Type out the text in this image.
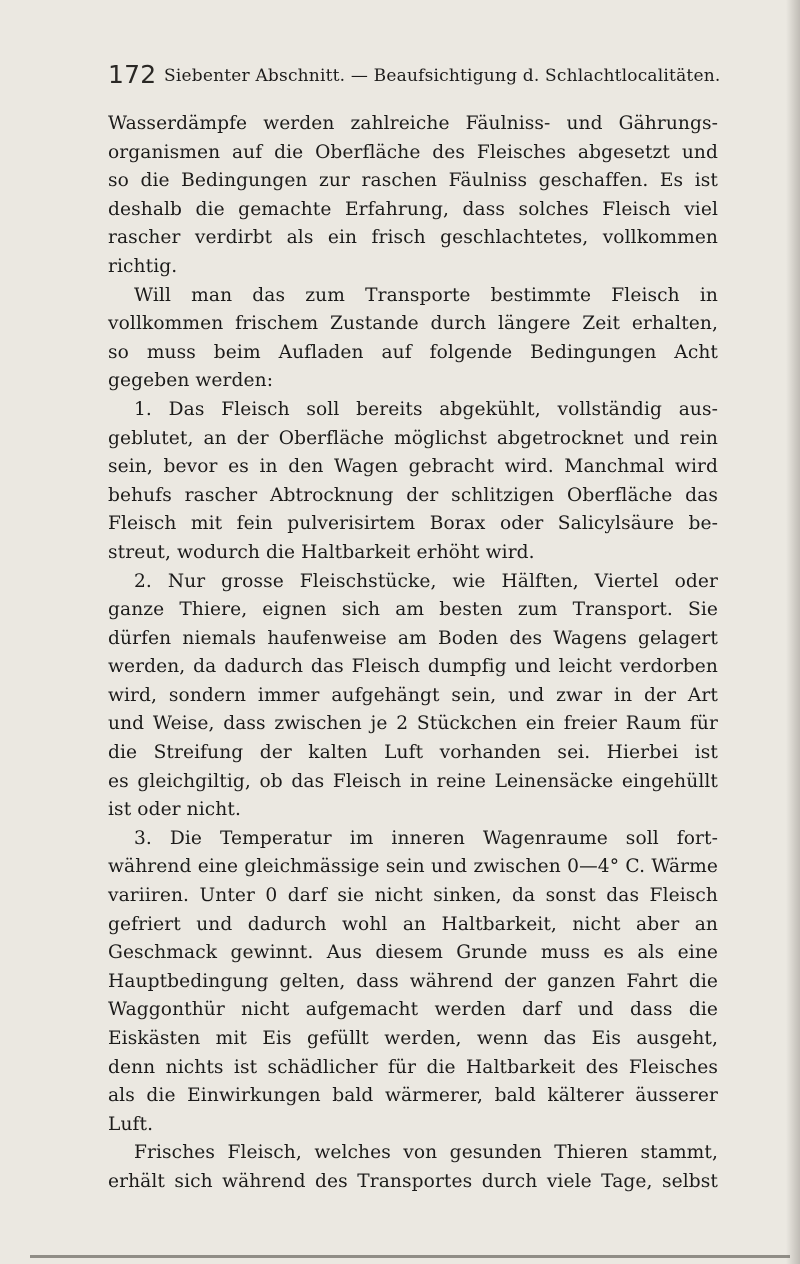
172 Siebenter Abschnitt. — Beaufsichtigung d. Schlachtlocalitäten.
Wasserdämpfe werden zahlreiche Fäulniss- und Gährungs-
organismen auf die Oberfläche des Fleisches abgesetzt und
so die Bedingungen zur raschen Fäulniss geschaffen. Es ist
deshalb die gemachte Erfahrung, dass solches Fleisch viel
rascher verdirbt als ein frisch geschlachtetes, vollkommen
richtig.
Will man das zum Transporte bestimmte Fleisch in
vollkommen frischem Zustande durch längere Zeit erhalten,
so muss beim Aufladen auf folgende Bedingungen Acht
gegeben werden:
1. Das Fleisch soll bereits abgekühlt, vollständig aus-
geblutet, an der Oberfläche möglichst abgetrocknet und rein
sein, bevor es in den Wagen gebracht wird. Manchmal wird
behufs rascher Abtrocknung der schlitzigen Oberfläche das
Fleisch mit fein pulverisirtem Borax oder Salicylsäure be-
streut, wodurch die Haltbarkeit erhöht wird.
2. Nur grosse Fleischstücke, wie Hälften, Viertel oder
ganze Thiere, eignen sich am besten zum Transport. Sie
dürfen niemals haufenweise am Boden des Wagens gelagert
werden, da dadurch das Fleisch dumpfig und leicht verdorben
wird, sondern immer aufgehängt sein, und zwar in der Art
und Weise, dass zwischen je 2 Stückchen ein freier Raum für
die Streifung der kalten Luft vorhanden sei. Hierbei ist
es gleichgiltig, ob das Fleisch in reine Leinensäcke eingehüllt
ist oder nicht.
3. Die Temperatur im inneren Wagenraume soll fort-
während eine gleichmässige sein und zwischen 0—4° C. Wärme
variiren. Unter 0 darf sie nicht sinken, da sonst das Fleisch
gefriert und dadurch wohl an Haltbarkeit, nicht aber an
Geschmack gewinnt. Aus diesem Grunde muss es als eine
Hauptbedingung gelten, dass während der ganzen Fahrt die
Waggonthür nicht aufgemacht werden darf und dass die
Eiskästen mit Eis gefüllt werden, wenn das Eis ausgeht,
denn nichts ist schädlicher für die Haltbarkeit des Fleisches
als die Einwirkungen bald wärmerer, bald kälterer äusserer
Luft.
Frisches Fleisch, welches von gesunden Thieren stammt,
erhält sich während des Transportes durch viele Tage, selbst
